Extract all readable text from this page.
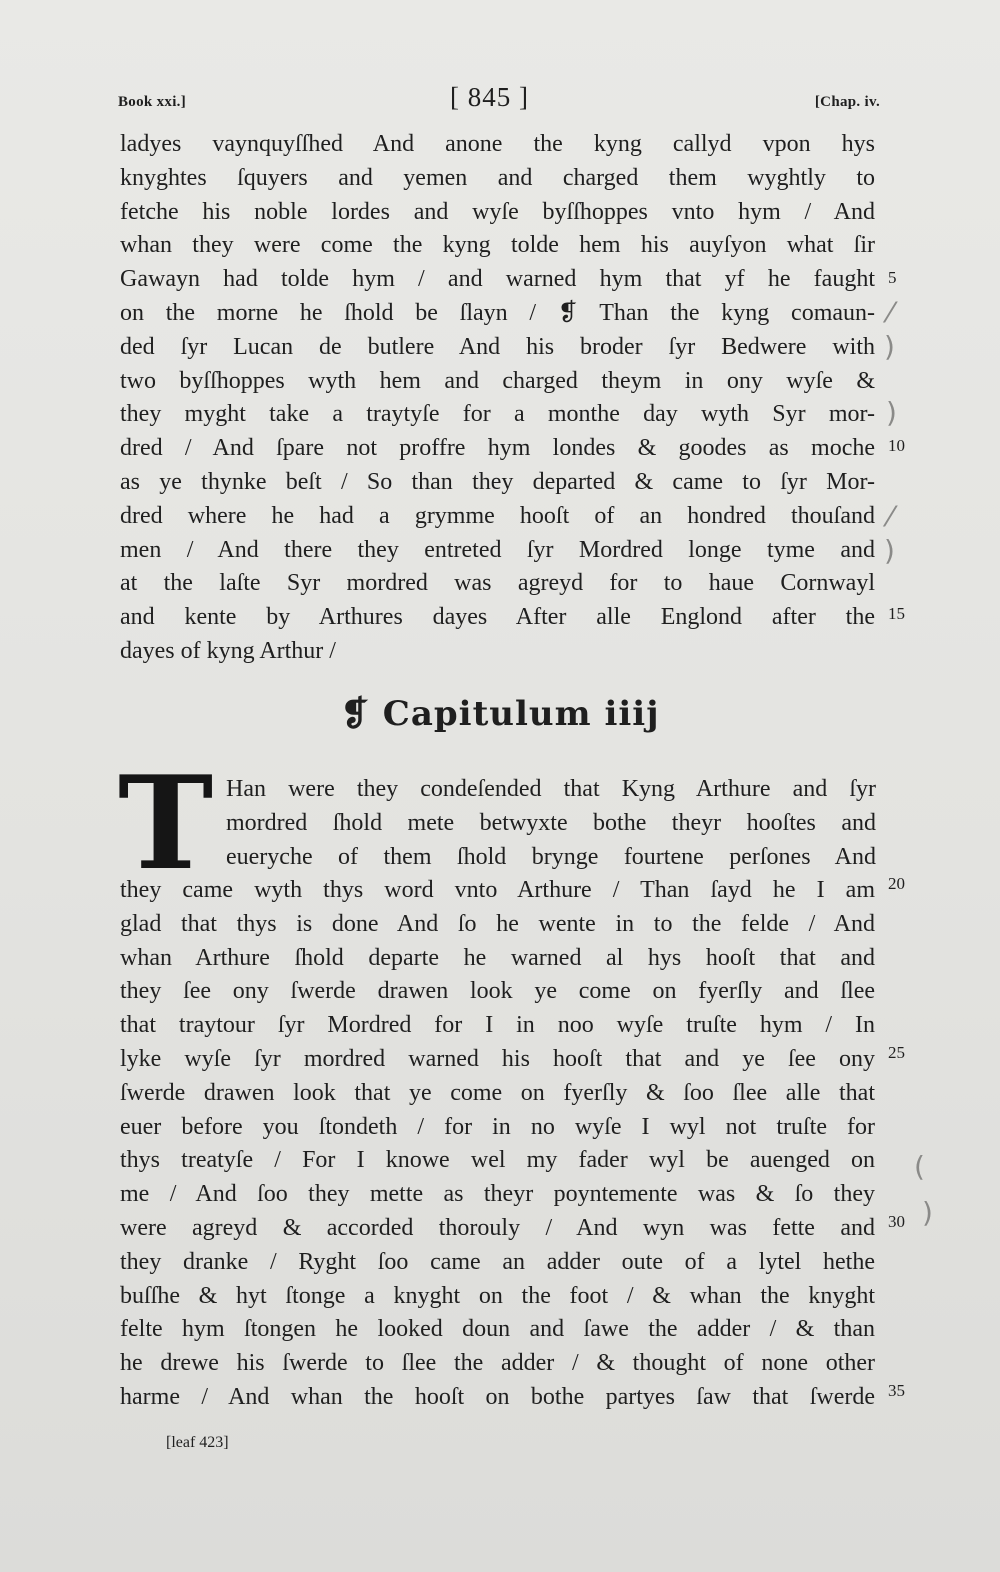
Book xxi.]	[ 845 ]	[Chap. iv.
ladyes vaynquyſſhed And anone the kyng callyd vpon hys
knyghtes ſquyers and yemen and charged them wyghtly to
fetche his noble lordes and wyſe byſſhoppes vnto hym / And
whan they were come the kyng tolde hem his auyſyon what ſir
Gawayn had tolde hym / and warned hym that yf he faught
on the morne he ſhold be ſlayn / ❡ Than the kyng comaun-
ded ſyr Lucan de butlere And his broder ſyr Bedwere with
two byſſhoppes wyth hem and charged theym in ony wyſe &
they myght take a traytyſe for a monthe day wyth Syr mor-
dred / And ſpare not proffre hym londes & goodes as moche
as ye thynke beſt / So than they departed & came to ſyr Mor-
dred where he had a grymme hooſt of an hondred thouſand
men / And there they entreted ſyr Mordred longe tyme and
at the laſte Syr mordred was agreyd for to haue Cornwayl
and kente by Arthures dayes After alle Englond after the
dayes of kyng Arthur /
5
10
15
⁄
)
)
⁄
)
(
)
❡ Capitulum iiij
T Han were they condeſended that Kyng Arthure and ſyr
mordred ſhold mete betwyxte bothe theyr hooſtes and
eueryche of them ſhold brynge fourtene perſones And
they came wyth thys word vnto Arthure / Than ſayd he I am
glad that thys is done And ſo he wente in to the felde / And
whan Arthure ſhold departe he warned al hys hooſt that and
they ſee ony ſwerde drawen look ye come on fyerſly and ſlee
that traytour ſyr Mordred for I in noo wyſe truſte hym / In
lyke wyſe ſyr mordred warned his hooſt that and ye ſee ony
ſwerde drawen look that ye come on fyerſly & ſoo ſlee alle that
euer before you ſtondeth / for in no wyſe I wyl not truſte for
thys treatyſe / For I knowe wel my fader wyl be auenged on
me / And ſoo they mette as theyr poyntemente was & ſo they
were agreyd & accorded thorouly / And wyn was fette and
they dranke / Ryght ſoo came an adder oute of a lytel hethe
buſſhe & hyt ſtonge a knyght on the foot / & whan the knyght
felte hym ſtongen he looked doun and ſawe the adder / & than
he drewe his ſwerde to ſlee the adder / & thought of none other
harme / And whan the hooſt on bothe partyes ſaw that ſwerde
20
25
30
35
[leaf 423]
